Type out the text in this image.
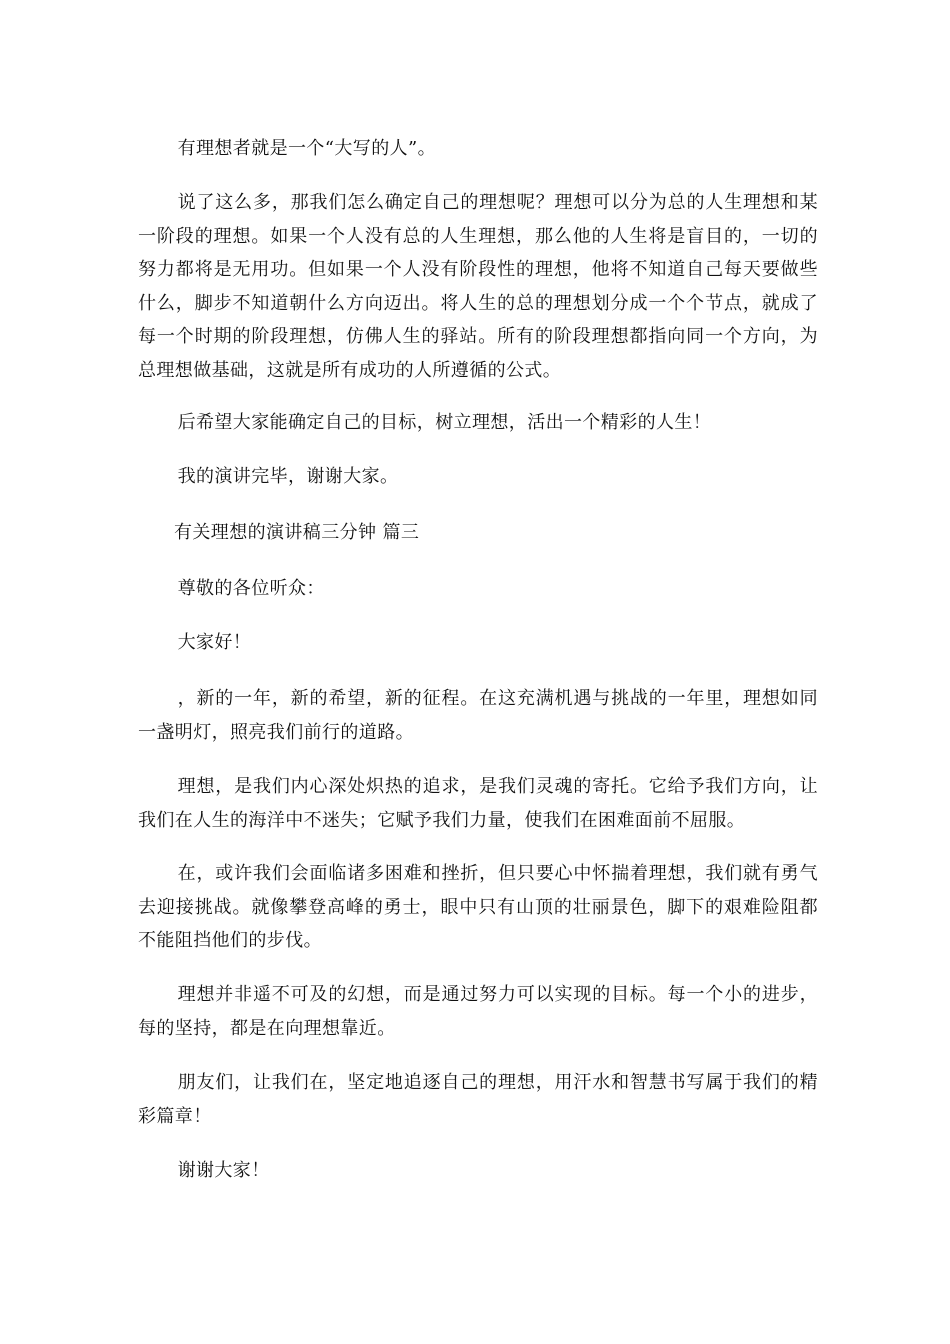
有理想者就是一个“大写的人”。

说了这么多，那我们怎么确定自己的理想呢？理想可以分为总的人生理想和某一阶段的理想。如果一个人没有总的人生理想，那么他的人生将是盲目的，一切的努力都将是无用功。但如果一个人没有阶段性的理想，他将不知道自己每天要做些什么，脚步不知道朝什么方向迈出。将人生的总的理想划分成一个个节点，就成了每一个时期的阶段理想，仿佛人生的驿站。所有的阶段理想都指向同一个方向，为总理想做基础，这就是所有成功的人所遵循的公式。

后希望大家能确定自己的目标，树立理想，活出一个精彩的人生！

我的演讲完毕，谢谢大家。

有关理想的演讲稿三分钟 篇三

尊敬的各位听众：

大家好！

，新的一年，新的希望，新的征程。在这充满机遇与挑战的一年里，理想如同一盏明灯，照亮我们前行的道路。

理想，是我们内心深处炽热的追求，是我们灵魂的寄托。它给予我们方向，让我们在人生的海洋中不迷失；它赋予我们力量，使我们在困难面前不屈服。

在，或许我们会面临诸多困难和挫折，但只要心中怀揣着理想，我们就有勇气去迎接挑战。就像攀登高峰的勇士，眼中只有山顶的壮丽景色，脚下的艰难险阻都不能阻挡他们的步伐。

理想并非遥不可及的幻想，而是通过努力可以实现的目标。每一个小的进步，每的坚持，都是在向理想靠近。

朋友们，让我们在，坚定地追逐自己的理想，用汗水和智慧书写属于我们的精彩篇章！

谢谢大家！
